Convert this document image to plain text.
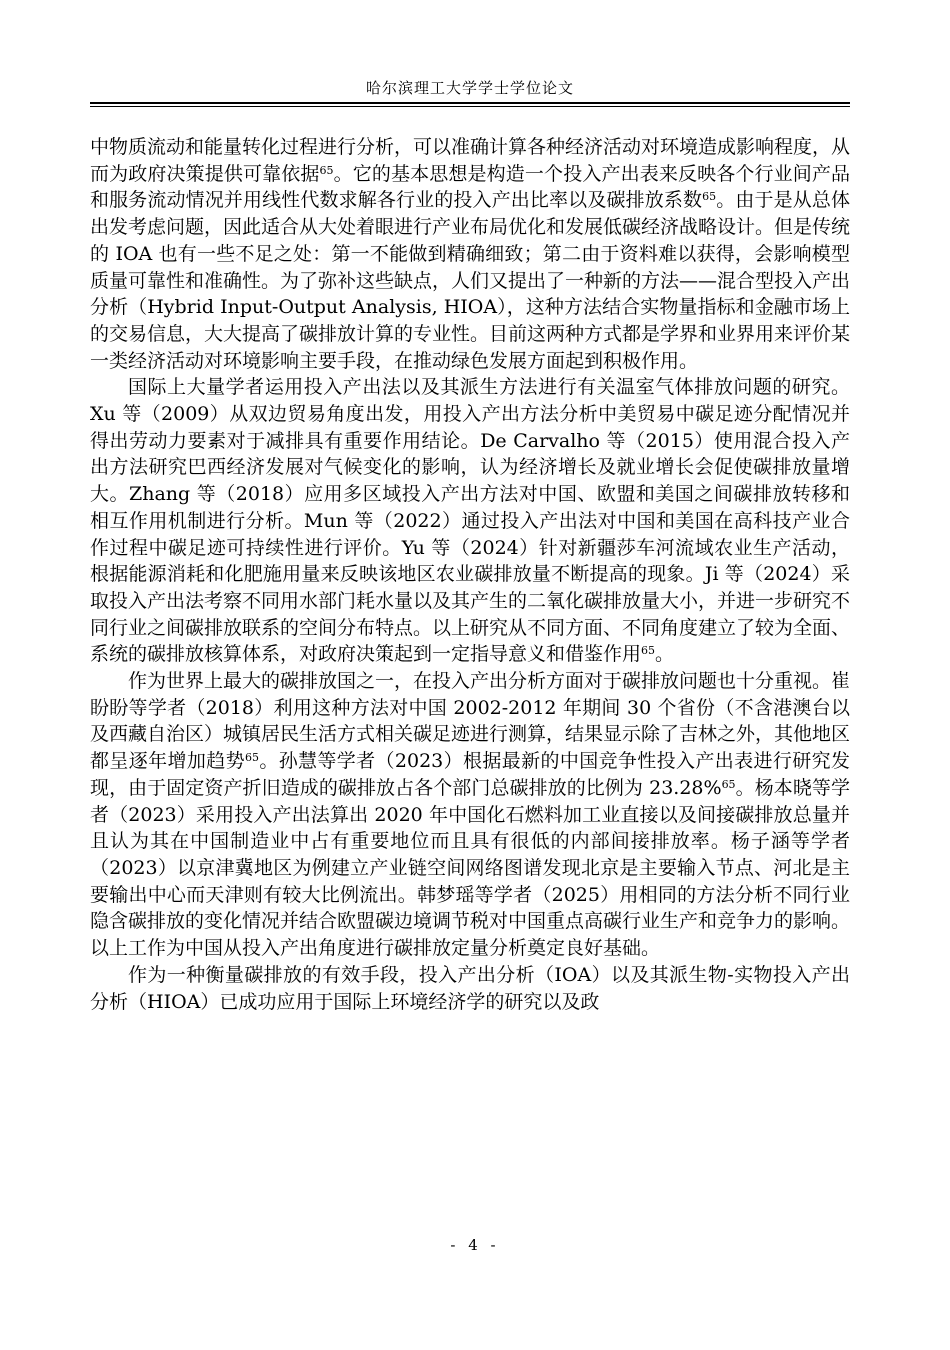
哈尔滨理工大学学士学位论文

中物质流动和能量转化过程进行分析，可以准确计算各种经济活动对环境造成影响程度，从而为政府决策提供可靠依据$^{65}$。它的基本思想是构造一个投入产出表来反映各个行业间产品和服务流动情况并用线性代数求解各行业的投入产出比率以及碳排放系数$^{65}$。由于是从总体出发考虑问题，因此适合从大处着眼进行产业布局优化和发展低碳经济战略设计。但是传统的 IOA 也有一些不足之处：第一不能做到精确细致；第二由于资料难以获得，会影响模型质量可靠性和准确性。为了弥补这些缺点，人们又提出了一种新的方法——混合型投入产出分析（Hybrid Input-Output Analysis, HIOA），这种方法结合实物量指标和金融市场上的交易信息，大大提高了碳排放计算的专业性。目前这两种方式都是学界和业界用来评价某一类经济活动对环境影响主要手段，在推动绿色发展方面起到积极作用。

国际上大量学者运用投入产出法以及其派生方法进行有关温室气体排放问题的研究。Xu 等（2009）从双边贸易角度出发，用投入产出方法分析中美贸易中碳足迹分配情况并得出劳动力要素对于减排具有重要作用结论。De Carvalho 等（2015）使用混合投入产出方法研究巴西经济发展对气候变化的影响，认为经济增长及就业增长会促使碳排放量增大。Zhang 等（2018）应用多区域投入产出方法对中国、欧盟和美国之间碳排放转移和相互作用机制进行分析。Mun 等（2022）通过投入产出法对中国和美国在高科技产业合作过程中碳足迹可持续性进行评价。Yu 等（2024）针对新疆莎车河流域农业生产活动，根据能源消耗和化肥施用量来反映该地区农业碳排放量不断提高的现象。Ji 等（2024）采取投入产出法考察不同用水部门耗水量以及其产生的二氧化碳排放量大小，并进一步研究不同行业之间碳排放联系的空间分布特点。以上研究从不同方面、不同角度建立了较为全面、系统的碳排放核算体系，对政府决策起到一定指导意义和借鉴作用$^{65}$。

作为世界上最大的碳排放国之一，在投入产出分析方面对于碳排放问题也十分重视。崔盼盼等学者（2018）利用这种方法对中国 2002-2012 年期间 30 个省份（不含港澳台以及西藏自治区）城镇居民生活方式相关碳足迹进行测算，结果显示除了吉林之外，其他地区都呈逐年增加趋势$^{65}$。孙慧等学者（2023）根据最新的中国竞争性投入产出表进行研究发现，由于固定资产折旧造成的碳排放占各个部门总碳排放的比例为 23.28%$^{65}$。杨本晓等学者（2023）采用投入产出法算出 2020 年中国化石燃料加工业直接以及间接碳排放总量并且认为其在中国制造业中占有重要地位而且具有很低的内部间接排放率。杨子涵等学者（2023）以京津冀地区为例建立产业链空间网络图谱发现北京是主要输入节点、河北是主要输出中心而天津则有较大比例流出。韩梦瑶等学者（2025）用相同的方法分析不同行业隐含碳排放的变化情况并结合欧盟碳边境调节税对中国重点高碳行业生产和竞争力的影响。以上工作为中国从投入产出角度进行碳排放定量分析奠定良好基础。

作为一种衡量碳排放的有效手段，投入产出分析（IOA）以及其派生物-实物投入产出分析（HIOA）已成功应用于国际上环境经济学的研究以及政

- 4 -
